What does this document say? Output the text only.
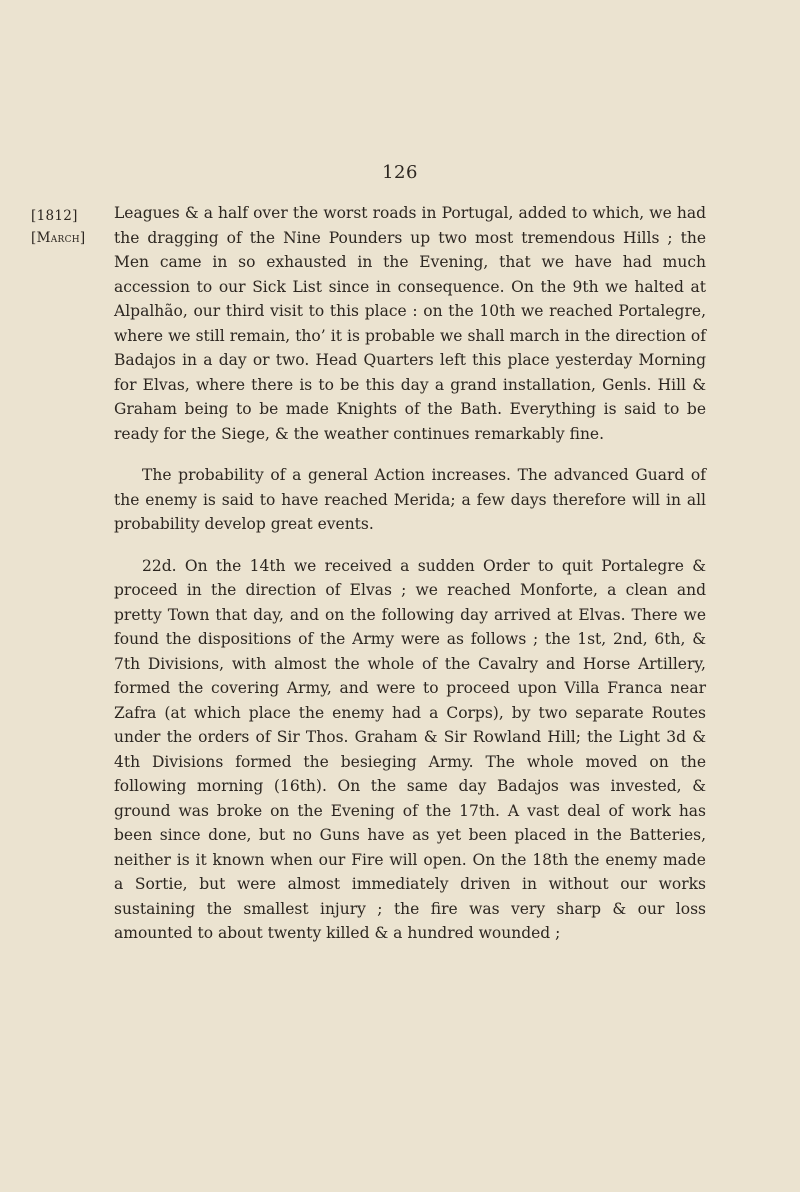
126
[1812]
[March]

Leagues & a half over the worst roads in Portugal, added to which, we had the dragging of the Nine Pounders up two most tremendous Hills ; the Men came in so exhausted in the Evening, that we have had much accession to our Sick List since in consequence. On the 9th we halted at Alpalhão, our third visit to this place : on the 10th we reached Portalegre, where we still remain, tho’ it is probable we shall march in the direction of Badajos in a day or two. Head Quarters left this place yesterday Morning for Elvas, where there is to be this day a grand installation, Genls. Hill & Graham being to be made Knights of the Bath. Everything is said to be ready for the Siege, & the weather continues remarkably fine.

The probability of a general Action increases. The advanced Guard of the enemy is said to have reached Merida; a few days therefore will in all probability develop great events.

22d. On the 14th we received a sudden Order to quit Portalegre & proceed in the direction of Elvas ; we reached Monforte, a clean and pretty Town that day, and on the following day arrived at Elvas. There we found the dispositions of the Army were as follows ; the 1st, 2nd, 6th, & 7th Divisions, with almost the whole of the Cavalry and Horse Artillery, formed the covering Army, and were to proceed upon Villa Franca near Zafra (at which place the enemy had a Corps), by two separate Routes under the orders of Sir Thos. Graham & Sir Rowland Hill; the Light 3d & 4th Divisions formed the besieging Army. The whole moved on the following morning (16th). On the same day Badajos was invested, & ground was broke on the Evening of the 17th. A vast deal of work has been since done, but no Guns have as yet been placed in the Batteries, neither is it known when our Fire will open. On the 18th the enemy made a Sortie, but were almost immediately driven in without our works sustaining the smallest injury ; the fire was very sharp & our loss amounted to about twenty killed & a hundred wounded ;
